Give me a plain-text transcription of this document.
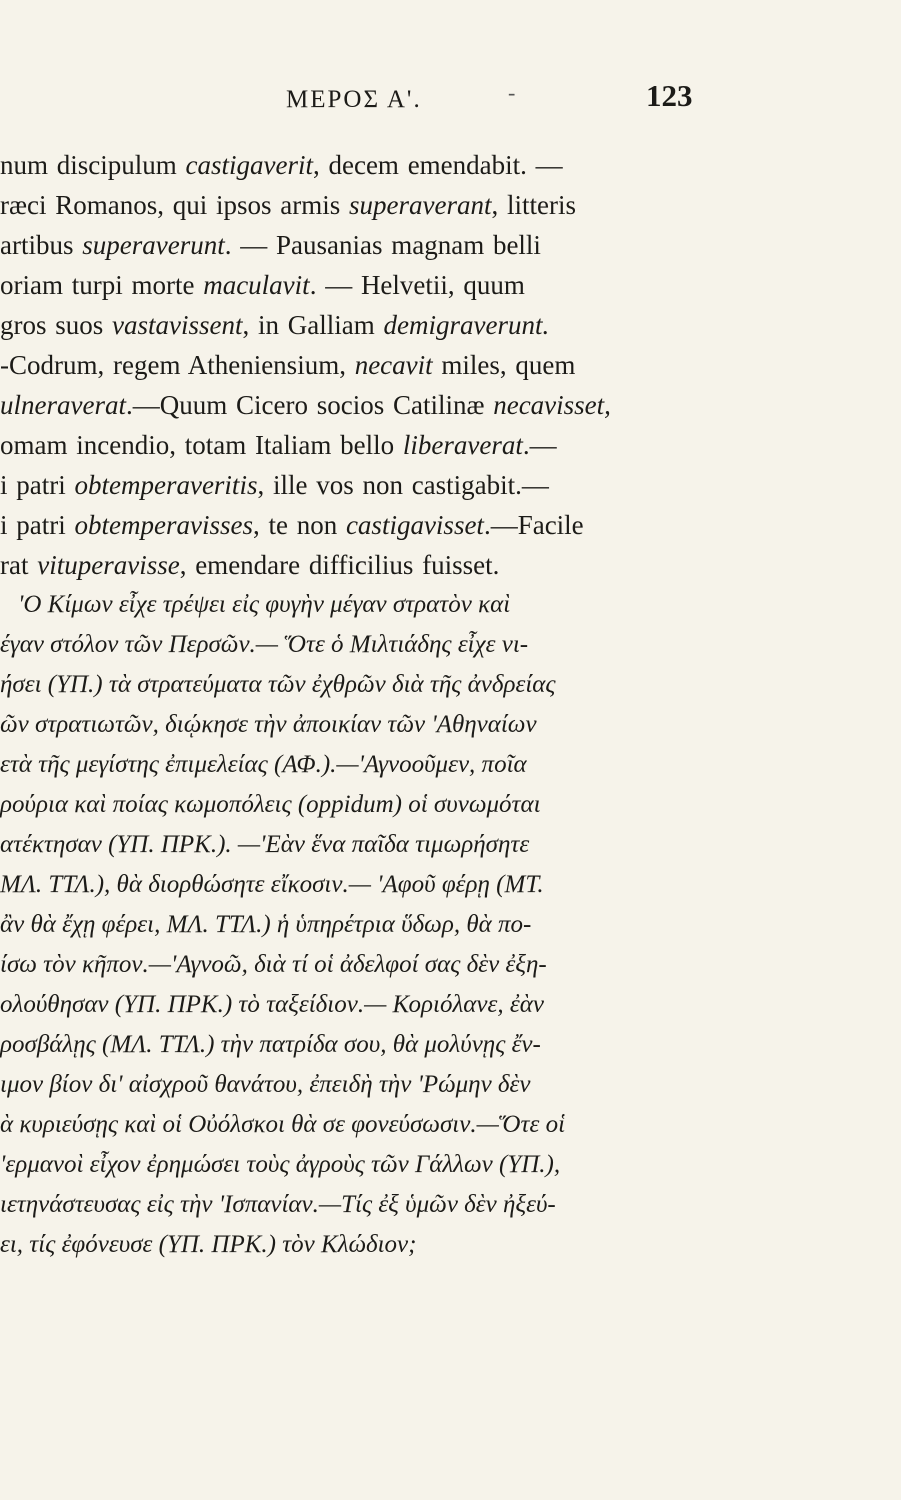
ΜΕΡΟΣ Α'.	-	123
num discipulum castigaverit, decem emendabit. —
ræci Romanos, qui ipsos armis superaverant, litteris
artibus superaverunt. — Pausanias magnam belli
oriam turpi morte maculavit. — Helvetii, quum
gros suos vastavissent, in Galliam demigraverunt.
-Codrum, regem Atheniensium, necavit miles, quem
ulneraverat.—Quum Cicero socios Catilinæ necavisset,
omam incendio, totam Italiam bello liberaverat.—
i patri obtemperaveritis, ille vos non castigabit.—
i patri obtemperavisses, te non castigavisset.—Facile
rat vituperavisse, emendare difficilius fuisset.
'Ο Κίμων εἶχε τρέψει εἰς φυγὴν μέγαν στρατὸν καὶ
έγαν στόλον τῶν Περσῶν.— Ὅτε ὁ Μιλτιάδης εἶχε νι-
ήσει (ΥΠ.) τὰ στρατεύματα τῶν ἐχθρῶν διὰ τῆς ἀνδρείας
ῶν στρατιωτῶν, διῴκησε τὴν ἀποικίαν τῶν 'Αθηναίων
ετὰ τῆς μεγίστης ἐπιμελείας (ΑΦ.).—'Αγνοοῦμεν, ποῖα
ρούρια καὶ ποίας κωμοπόλεις (oppidum) οἱ συνωμόται
ατέκτησαν (ΥΠ. ΠΡΚ.). —'Εὰν ἕνα παῖδα τιμωρήσητε
ΜΛ. ΤΤΛ.), θὰ διορθώσητε εἴκοσιν.— 'Αφοῦ φέρῃ (ΜΤ.
ἂν θὰ ἔχῃ φέρει, ΜΛ. ΤΤΛ.) ἡ ὑπηρέτρια ὕδωρ, θὰ πο-
ίσω τὸν κῆπον.—'Αγνοῶ, διὰ τί οἱ ἀδελφοί σας δὲν ἐξη-
ολούθησαν (ΥΠ. ΠΡΚ.) τὸ ταξείδιον.— Κοριόλανε, ἐὰν
ροσβάλῃς (ΜΛ. ΤΤΛ.) τὴν πατρίδα σου, θὰ μολύνῃς ἔν-
ιμον βίον δι' αἰσχροῦ θανάτου, ἐπειδὴ τὴν 'Ρώμην δὲν
ὰ κυριεύσῃς καὶ οἱ Οὐόλσκοι θὰ σε φονεύσωσιν.—Ὅτε οἱ
'ερμανοὶ εἶχον ἐρημώσει τοὺς ἀγροὺς τῶν Γάλλων (ΥΠ.),
ιετηνάστευσας εἰς τὴν 'Ισπανίαν.—Τίς ἐξ ὑμῶν δὲν ἠξεύ-
ει, τίς ἐφόνευσε (ΥΠ. ΠΡΚ.) τὸν Κλώδιον;
